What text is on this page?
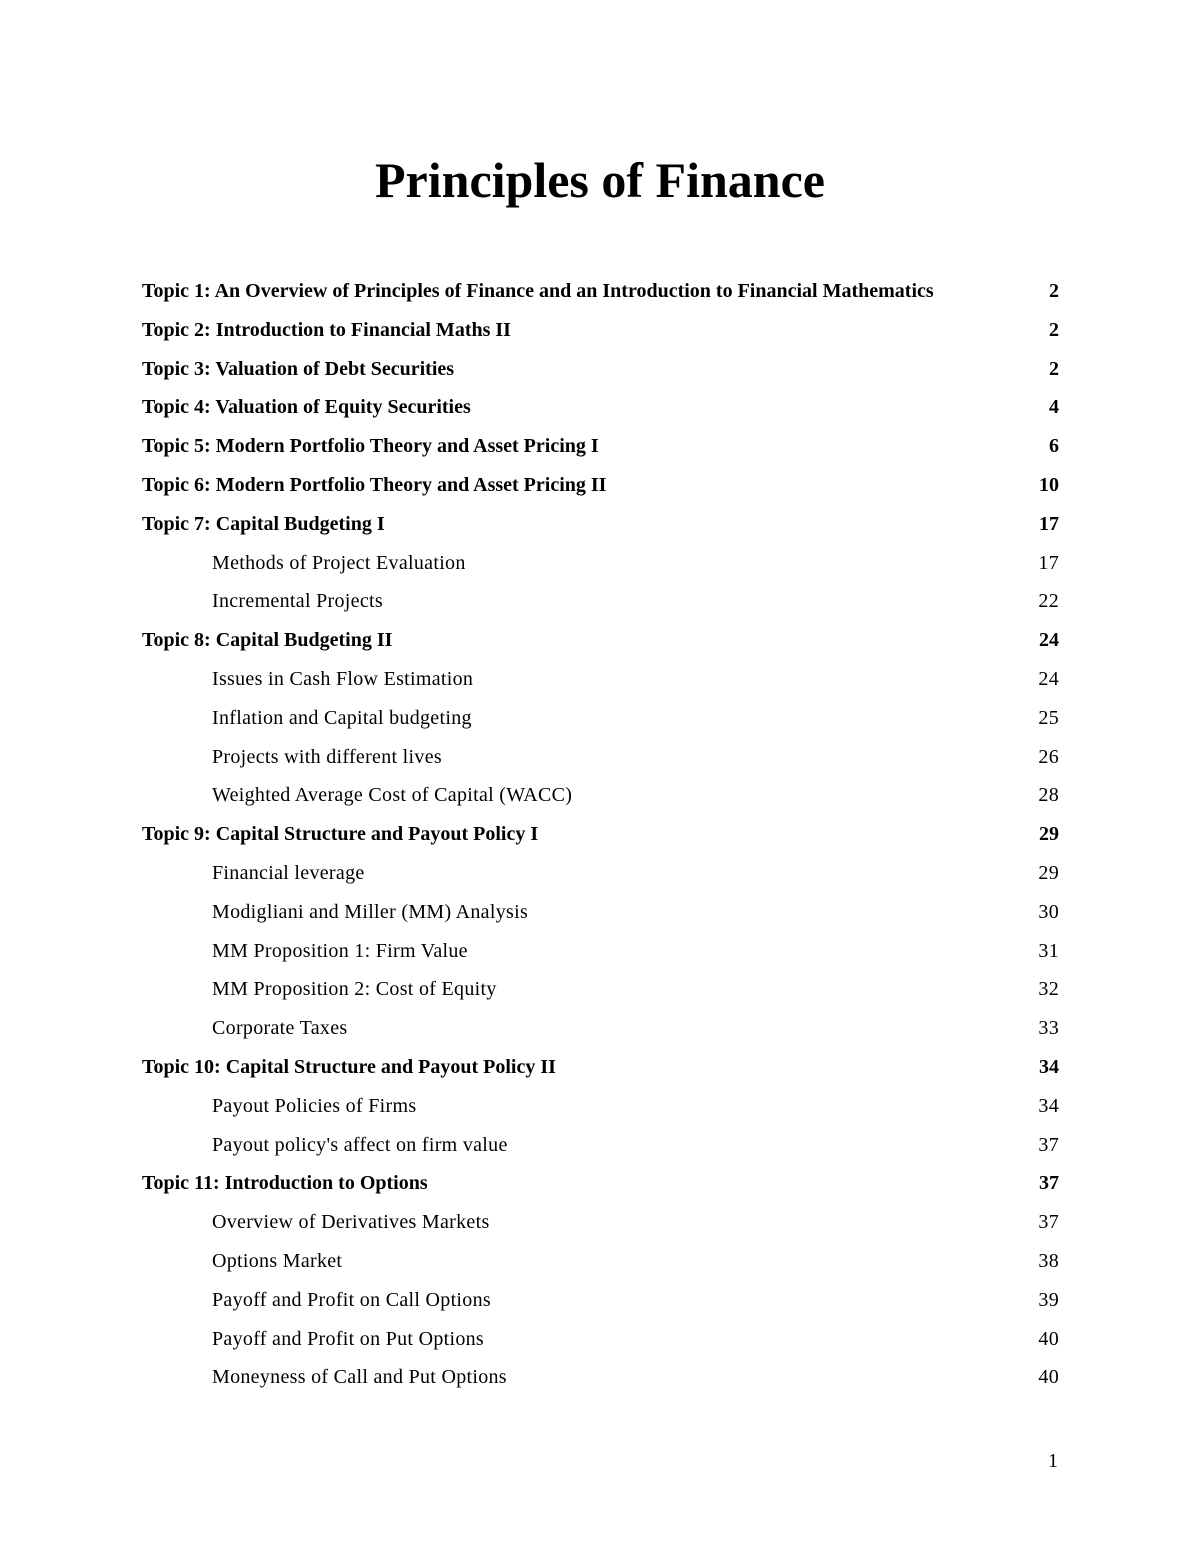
Principles of Finance
Topic 1: An Overview of Principles of Finance and an Introduction to Financial Mathematics	2
Topic 2: Introduction to Financial Maths II	2
Topic 3: Valuation of Debt Securities	2
Topic 4: Valuation of Equity Securities	4
Topic 5: Modern Portfolio Theory and Asset Pricing I	6
Topic 6: Modern Portfolio Theory and Asset Pricing II	10
Topic 7: Capital Budgeting I	17
Methods of Project Evaluation	17
Incremental Projects	22
Topic 8: Capital Budgeting II	24
Issues in Cash Flow Estimation	24
Inflation and Capital budgeting	25
Projects with different lives	26
Weighted Average Cost of Capital (WACC)	28
Topic 9: Capital Structure and Payout Policy I	29
Financial leverage	29
Modigliani and Miller (MM) Analysis	30
MM Proposition 1: Firm Value	31
MM Proposition 2: Cost of Equity	32
Corporate Taxes	33
Topic 10: Capital Structure and Payout Policy II	34
Payout Policies of Firms	34
Payout policy's affect on firm value	37
Topic 11: Introduction to Options	37
Overview of Derivatives Markets	37
Options Market	38
Payoff and Profit on Call Options	39
Payoff and Profit on Put Options	40
Moneyness of Call and Put Options	40
1
